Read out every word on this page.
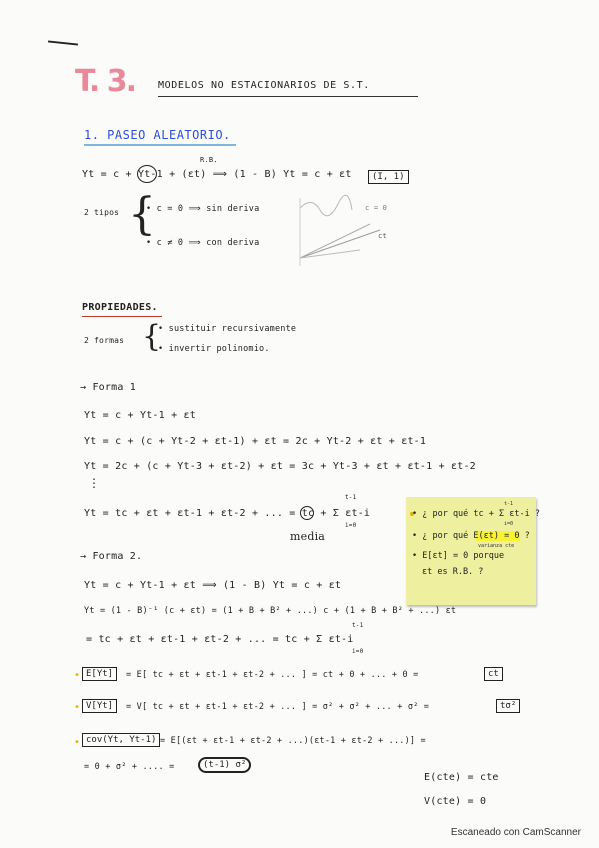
T. 3. MODELOS NO ESTACIONARIOS DE S.T.
1. PASEO ALEATORIO.
R.B.
Yt = c + Yt-1 + (εt) ⟹ (1 - B) Yt = c + εt	(I, 1)
2 tipos {
• c = 0 ⟹ sin deriva
• c ≠ 0 ⟹ con deriva
c = 0
ct
PROPIEDADES.
2 formas {
• sustituir recursivamente
• invertir polinomio.
→ Forma 1
Yt = c + Yt-1 + εt
Yt = c + (c + Yt-2 + εt-1) + εt = 2c + Yt-2 + εt + εt-1
Yt = 2c + (c + Yt-3 + εt-2) + εt = 3c + Yt-3 + εt + εt-1 + εt-2
⋮
Yt = tc + εt + εt-1 + εt-2 + ... = tc + Σ εt-i
t-1
i=0
media
• ¿ por qué tc + Σ εt-i ?
t-1
i=0
• ¿ por qué E(εt) = 0 ?
varianza cte
• E[εt] = 0 porque
εt es R.B. ?
→ Forma 2.
Yt = c + Yt-1 + εt ⟹ (1 - B) Yt = c + εt
Yt = (1 - B)⁻¹ (c + εt) = (1 + B + B² + ...) c + (1 + B + B² + ...) εt
= tc + εt + εt-1 + εt-2 + ... = tc + Σ εt-i
t-1
i=0
• E[Yt]	= E[ tc + εt + εt-1 + εt-2 + ... ] = ct + 0 + ... + 0 =	ct
• V[Yt]	= V[ tc + εt + εt-1 + εt-2 + ... ] = σ² + σ² + ... + σ² =	tσ²
• cov(Yt, Yt-1) = E[(εt + εt-1 + εt-2 + ...)(εt-1 + εt-2 + ...)] =
= 0 + σ² + .... =	(t-1) σ²
E(cte) = cte
V(cte) = 0
Escaneado con CamScanner
